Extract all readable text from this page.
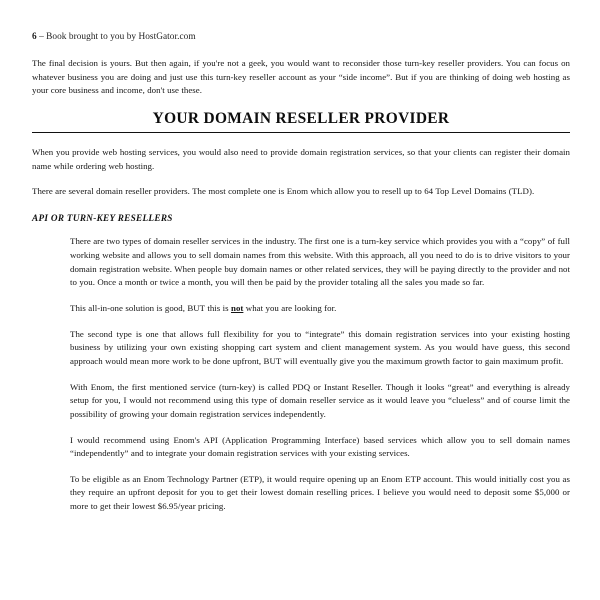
6 – Book brought to you by HostGator.com

The final decision is yours. But then again, if you're not a geek, you would want to reconsider those turn-key reseller providers. You can focus on whatever business you are doing and just use this turn-key reseller account as your “side income”. But if you are thinking of doing web hosting as your core business and income, don't use these.

YOUR DOMAIN RESELLER PROVIDER

When you provide web hosting services, you would also need to provide domain registration services, so that your clients can register their domain name while ordering web hosting.

There are several domain reseller providers. The most complete one is Enom which allow you to resell up to 64 Top Level Domains (TLD).

API OR TURN-KEY RESELLERS

There are two types of domain reseller services in the industry. The first one is a turn-key service which provides you with a “copy” of full working website and allows you to sell domain names from this website. With this approach, all you need to do is to drive visitors to your domain registration website. When people buy domain names or other related services, they will be paying directly to the provider and not to you. Once a month or twice a month, you will then be paid by the provider totaling all the sales you made so far.

This all-in-one solution is good, BUT this is not what you are looking for.

The second type is one that allows full flexibility for you to “integrate” this domain registration services into your existing hosting business by utilizing your own existing shopping cart system and client management system. As you would have guess, this second approach would mean more work to be done upfront, BUT will eventually give you the maximum growth factor to gain maximum profit.

With Enom, the first mentioned service (turn-key) is called PDQ or Instant Reseller. Though it looks “great” and everything is already setup for you, I would not recommend using this type of domain reseller service as it would leave you “clueless” and of course limit the possibility of growing your domain registration services independently.

I would recommend using Enom's API (Application Programming Interface) based services which allow you to sell domain names “independently” and to integrate your domain registration services with your existing services.

To be eligible as an Enom Technology Partner (ETP), it would require opening up an Enom ETP account. This would initially cost you as they require an upfront deposit for you to get their lowest domain reselling prices. I believe you would need to deposit some $5,000 or more to get their lowest $6.95/year pricing.
